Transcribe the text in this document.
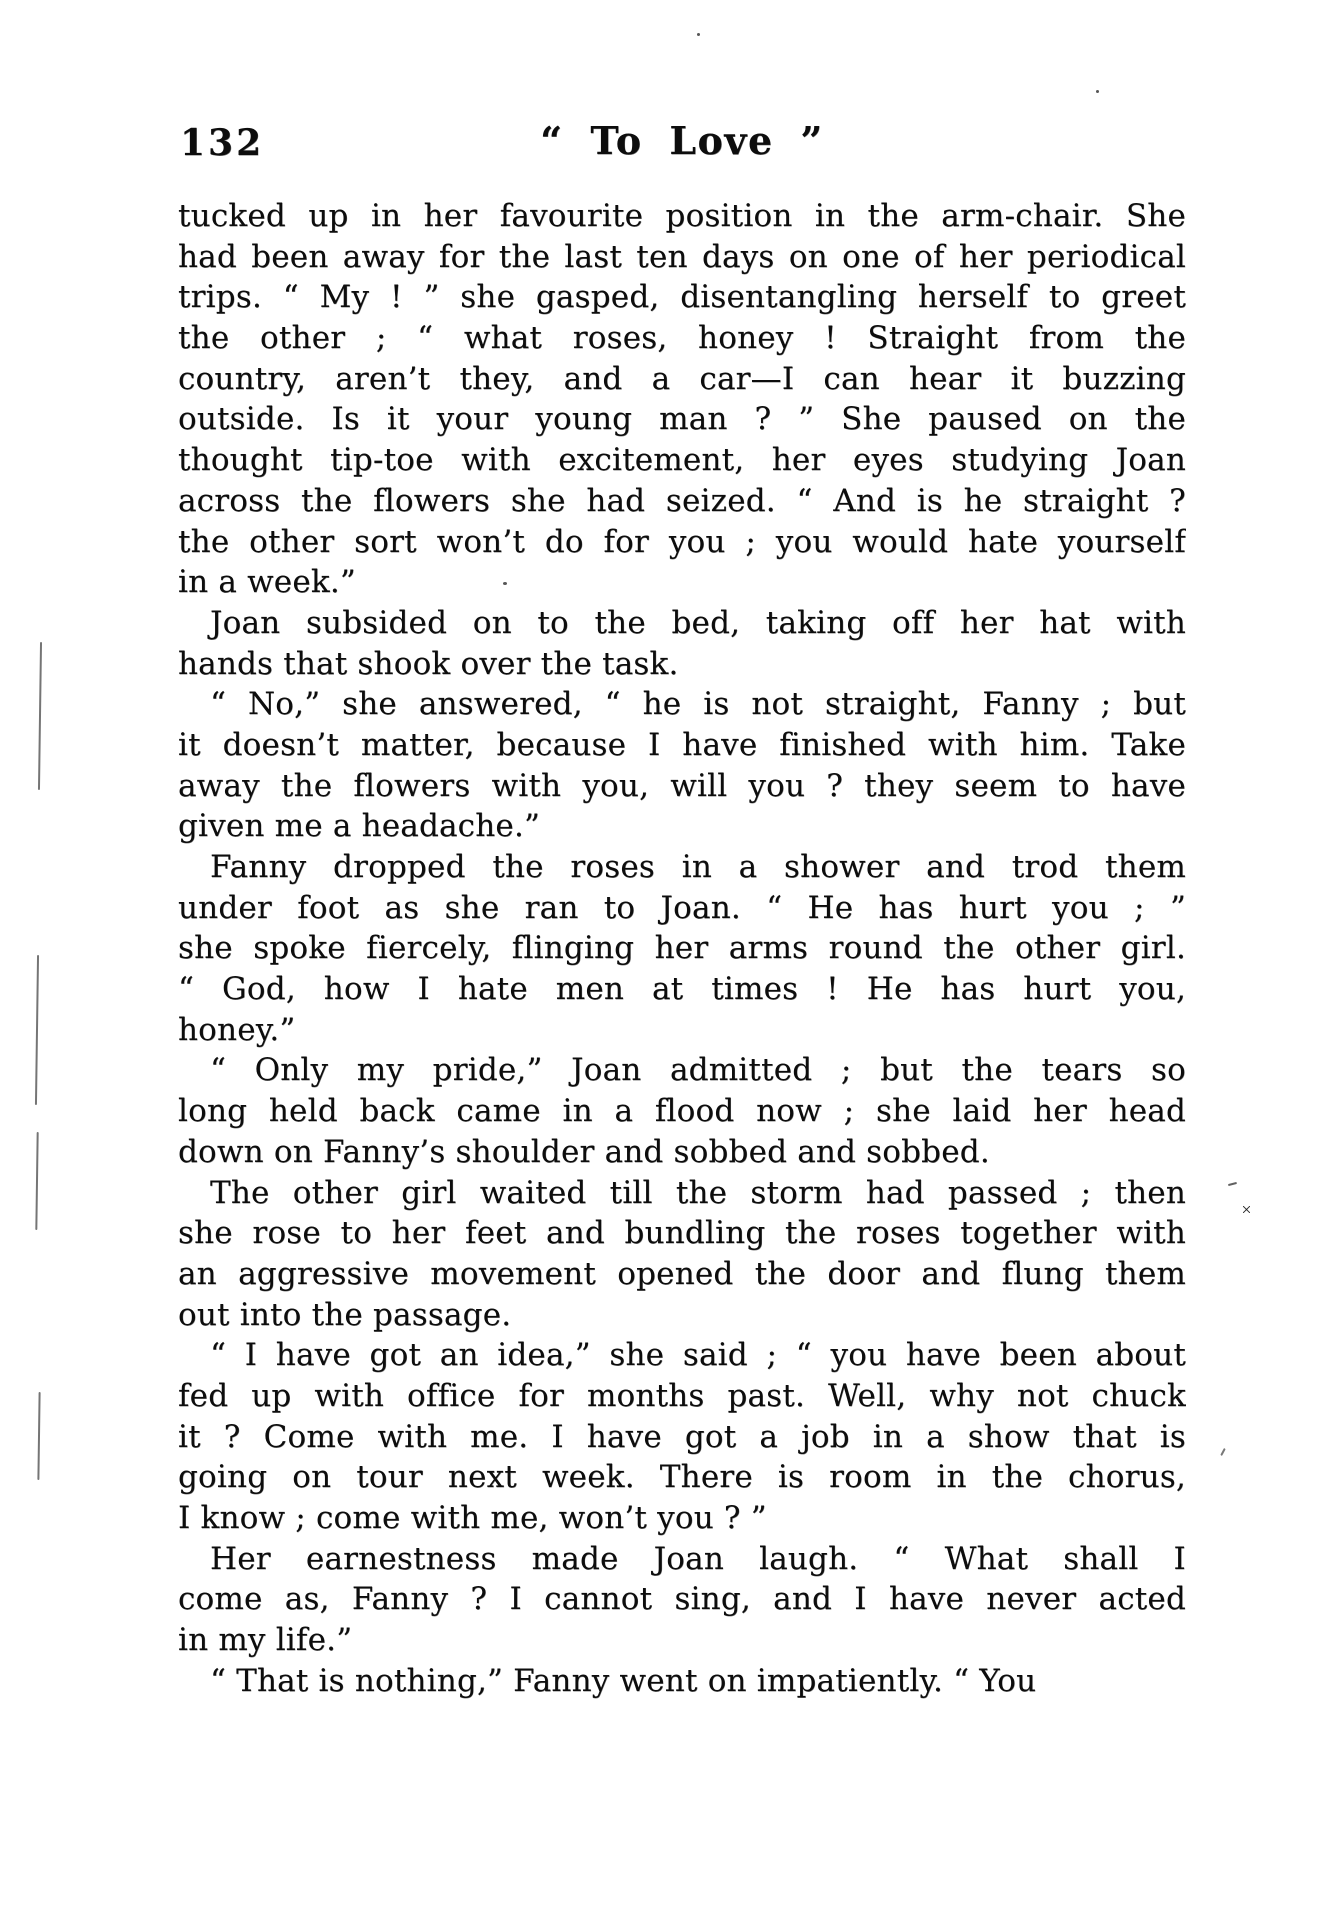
132	“ To Love ”
tucked up in her favourite position in the arm-chair. She
had been away for the last ten days on one of her periodical
trips. “ My ! ” she gasped, disentangling herself to greet
the other ; “ what roses, honey ! Straight from the
country, aren’t they, and a car—I can hear it buzzing
outside. Is it your young man ? ” She paused on the
thought tip-toe with excitement, her eyes studying Joan
across the flowers she had seized. “ And is he straight ?
the other sort won’t do for you ; you would hate yourself
in a week.”
Joan subsided on to the bed, taking off her hat with
hands that shook over the task.
“ No,” she answered, “ he is not straight, Fanny ; but
it doesn’t matter, because I have finished with him. Take
away the flowers with you, will you ? they seem to have
given me a headache.”
Fanny dropped the roses in a shower and trod them
under foot as she ran to Joan. “ He has hurt you ; ”
she spoke fiercely, flinging her arms round the other girl.
“ God, how I hate men at times ! He has hurt you,
honey.”
“ Only my pride,” Joan admitted ; but the tears so
long held back came in a flood now ; she laid her head
down on Fanny’s shoulder and sobbed and sobbed.
The other girl waited till the storm had passed ; then
she rose to her feet and bundling the roses together with
an aggressive movement opened the door and flung them
out into the passage.
“ I have got an idea,” she said ; “ you have been about
fed up with office for months past. Well, why not chuck
it ? Come with me. I have got a job in a show that is
going on tour next week. There is room in the chorus,
I know ; come with me, won’t you ? ”
Her earnestness made Joan laugh. “ What shall I
come as, Fanny ? I cannot sing, and I have never acted
in my life.”
“ That is nothing,” Fanny went on impatiently. “ You
